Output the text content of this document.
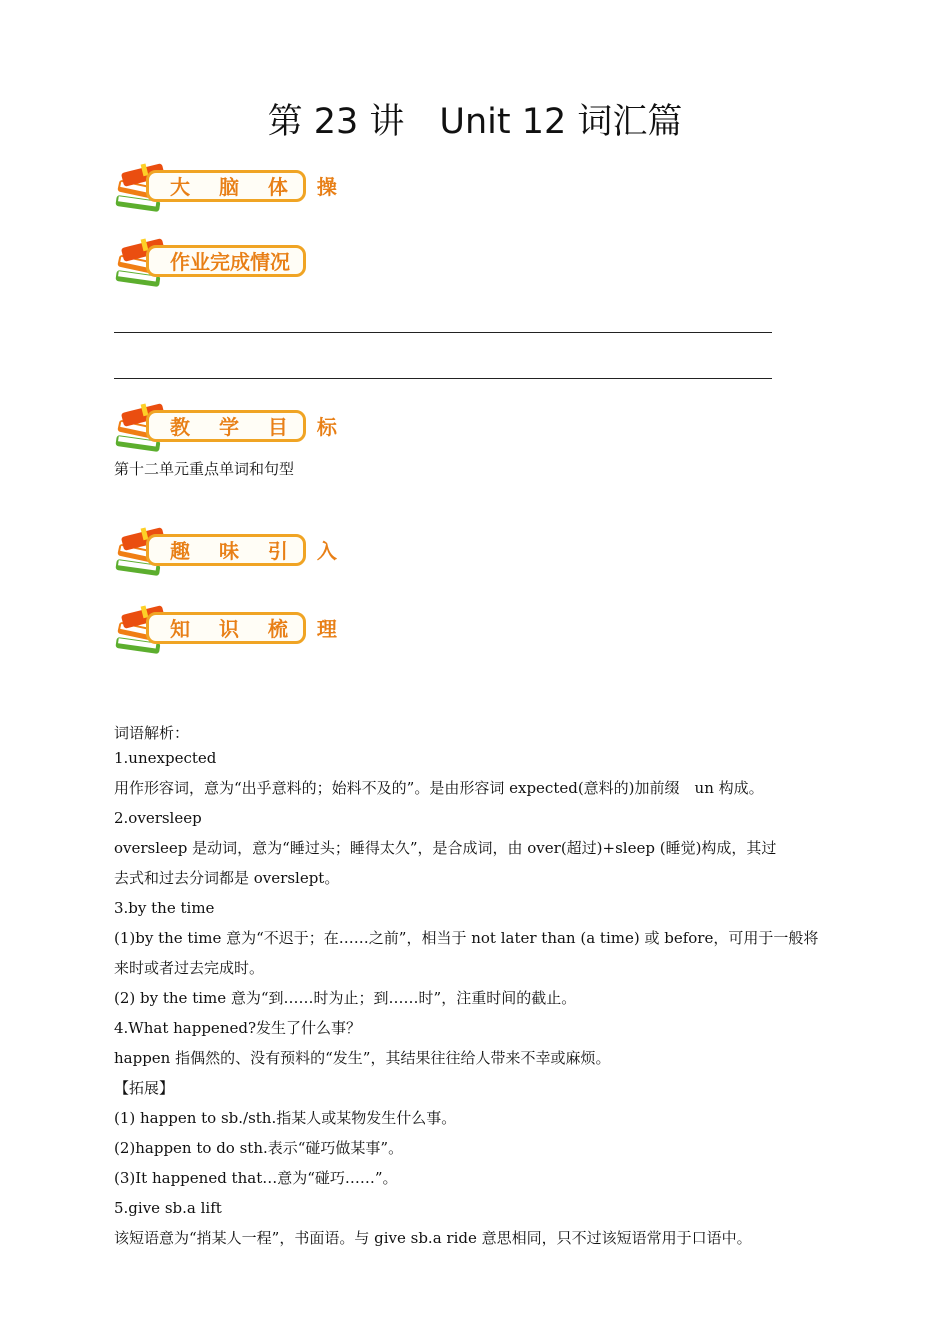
第 23 讲　Unit 12 词汇篇
大 脑 体 操
作业完成情况
教 学 目 标
第十二单元重点单词和句型
趣 味 引 入
知 识 梳 理
词语解析：
1.unexpected
用作形容词，意为“出乎意料的；始料不及的”。是由形容词 expected(意料的)加前缀　un 构成。
2.oversleep
oversleep 是动词，意为“睡过头；睡得太久”，是合成词，由 over(超过)+sleep (睡觉)构成，其过
去式和过去分词都是 overslept。
3.by the time
(1)by the time 意为“不迟于；在……之前”，相当于 not later than (a time) 或 before，可用于一般将
来时或者过去完成时。
(2) by the time 意为“到……时为止；到……时”，注重时间的截止。
4.What happened?发生了什么事？
happen 指偶然的、没有预料的“发生”，其结果往往给人带来不幸或麻烦。
【拓展】
(1) happen to sb./sth.指某人或某物发生什么事。
(2)happen to do sth.表示“碰巧做某事”。
(3)It happened that…意为“碰巧……”。
5.give sb.a lift
该短语意为“捎某人一程”，书面语。与 give sb.a ride 意思相同，只不过该短语常用于口语中。
